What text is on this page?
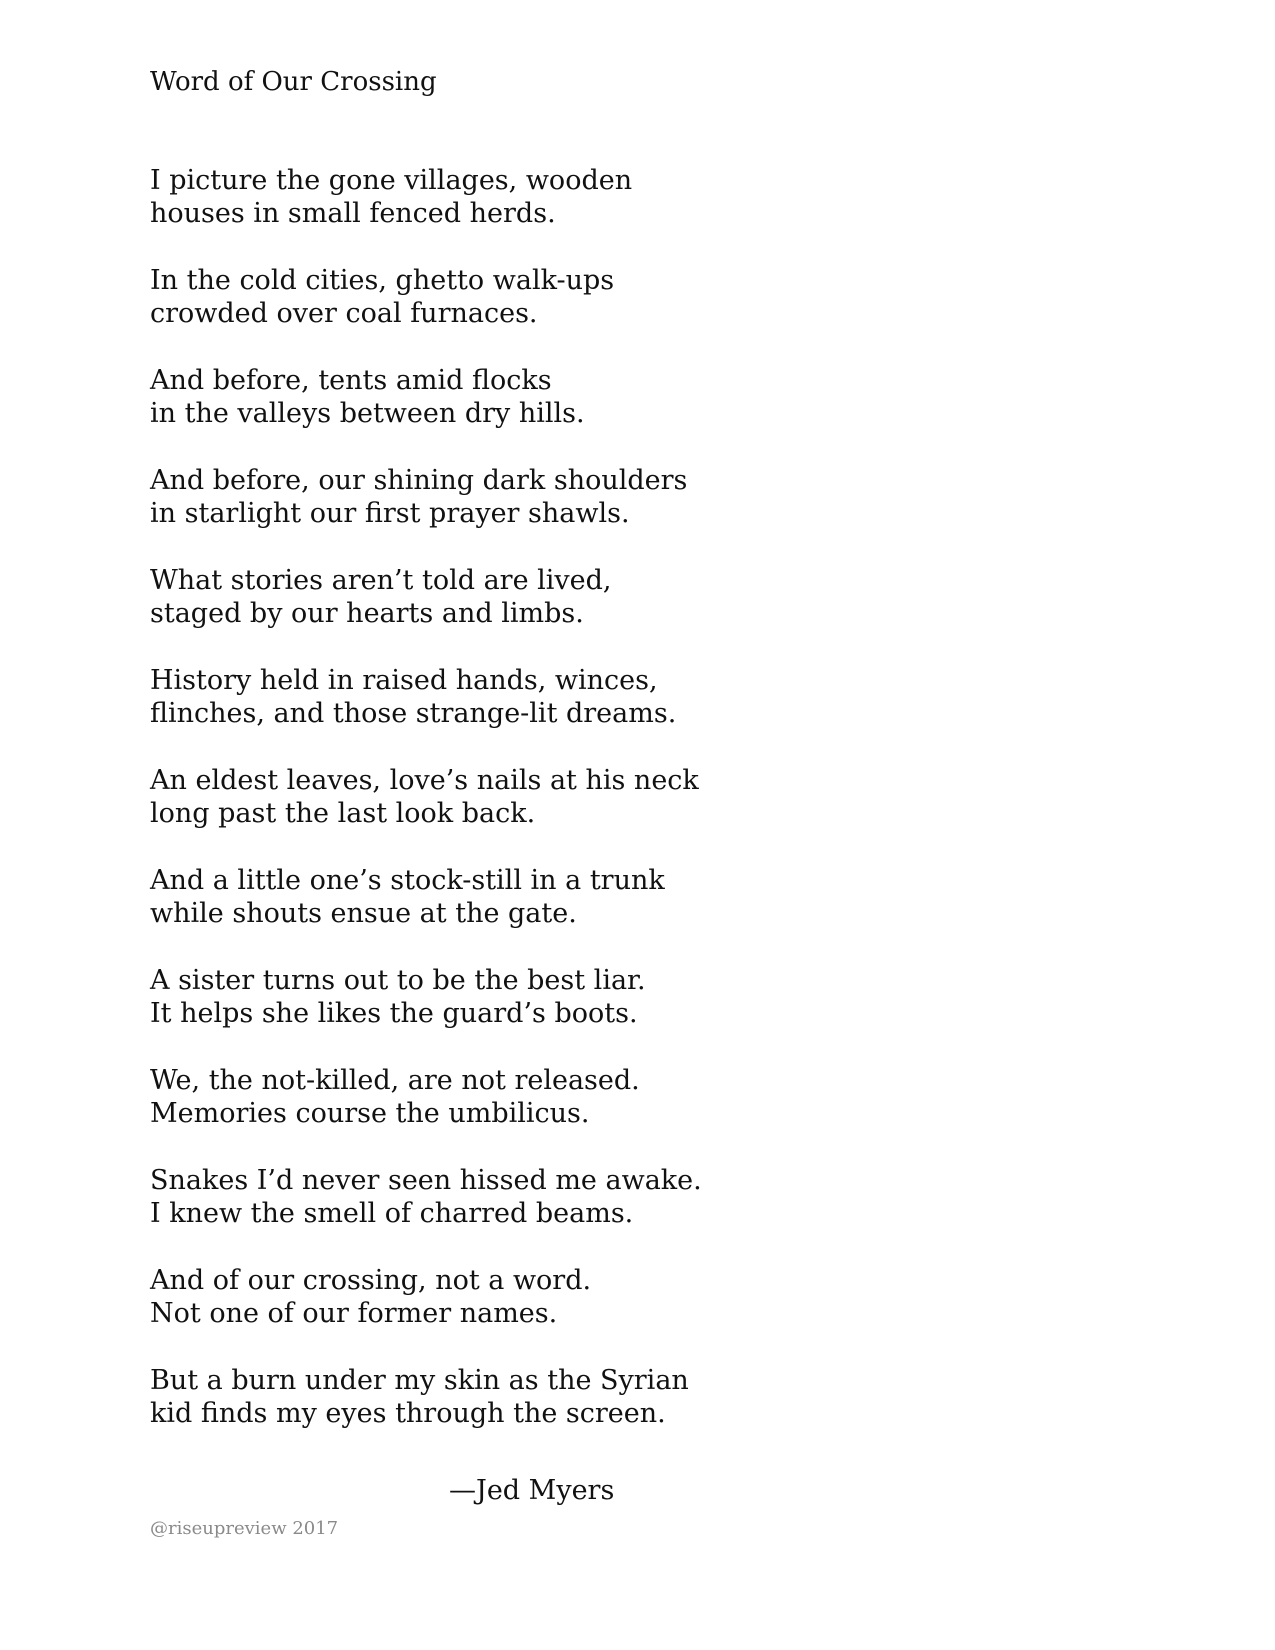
Word of Our Crossing
I picture the gone villages, wooden
houses in small fenced herds.
In the cold cities, ghetto walk-ups
crowded over coal furnaces.
And before, tents amid flocks
in the valleys between dry hills.
And before, our shining dark shoulders
in starlight our first prayer shawls.
What stories aren’t told are lived,
staged by our hearts and limbs.
History held in raised hands, winces,
flinches, and those strange-lit dreams.
An eldest leaves, love’s nails at his neck
long past the last look back.
And a little one’s stock-still in a trunk
while shouts ensue at the gate.
A sister turns out to be the best liar.
It helps she likes the guard’s boots.
We, the not-killed, are not released.
Memories course the umbilicus.
Snakes I’d never seen hissed me awake.
I knew the smell of charred beams.
And of our crossing, not a word.
Not one of our former names.
But a burn under my skin as the Syrian
kid finds my eyes through the screen.
—Jed Myers
@riseupreview 2017
